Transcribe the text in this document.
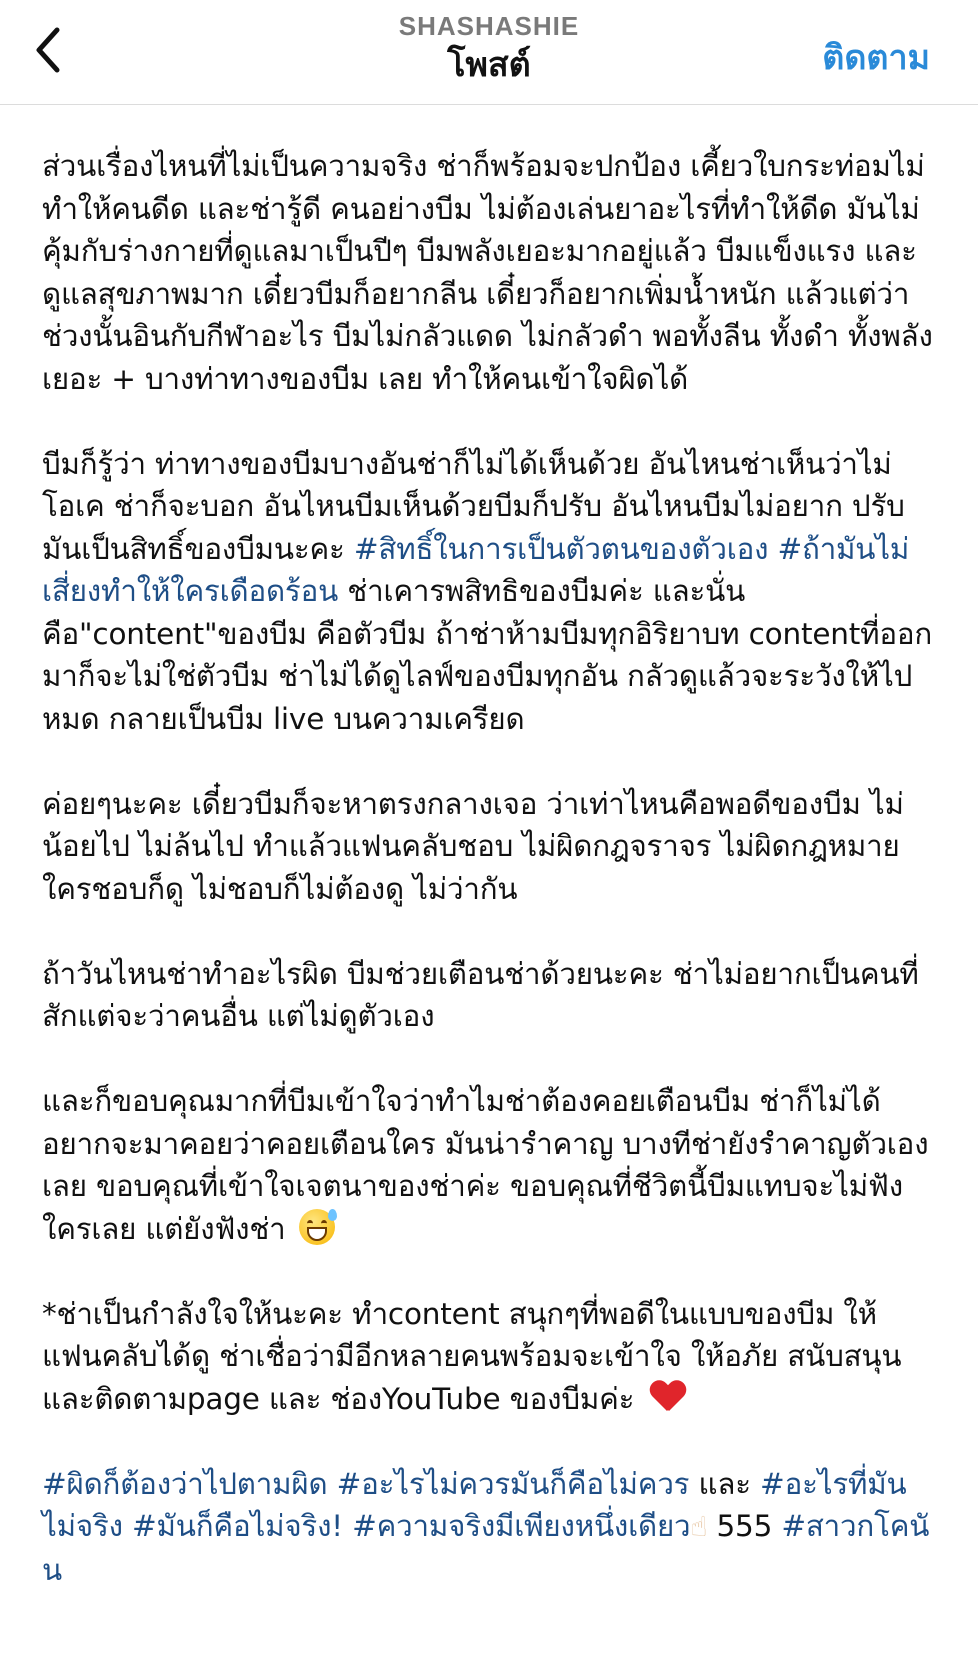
SHASHASHIE
โพสต์	ติดตาม

ส่วนเรื่องไหนที่ไม่เป็นความจริง ช่าก็พร้อมจะปกป้อง เคี้ยวใบกระท่อมไม่ทำให้คนดีด และช่ารู้ดี คนอย่างบีม ไม่ต้องเล่นยาอะไรที่ทำให้ดีด มันไม่คุ้มกับร่างกายที่ดูแลมาเป็นปีๆ บีมพลังเยอะมากอยู่แล้ว บีมแข็งแรง และดูแลสุขภาพมาก เดี๋ยวบีมก็อยากลีน เดี๋ยวก็อยากเพิ่มน้ำหนัก แล้วแต่ว่าช่วงนั้นอินกับกีฬาอะไร บีมไม่กลัวแดด ไม่กลัวดำ พอทั้งลีน ทั้งดำ ทั้งพลังเยอะ + บางท่าทางของบีม เลย ทำให้คนเข้าใจผิดได้

บีมก็รู้ว่า ท่าทางของบีมบางอันช่าก็ไม่ได้เห็นด้วย อันไหนช่าเห็นว่าไม่โอเค ช่าก็จะบอก อันไหนบีมเห็นด้วยบีมก็ปรับ อันไหนบีมไม่อยาก ปรับ มันเป็นสิทธิ์ของบีมนะคะ #สิทธิ์ในการเป็นตัวตนของตัวเอง #ถ้ามันไม่เสี่ยงทำให้ใครเดือดร้อน ช่าเคารพสิทธิของบีมค่ะ และนั่นคือ"content"ของบีม คือตัวบีม ถ้าช่าห้ามบีมทุกอิริยาบท contentที่ออกมาก็จะไม่ใช่ตัวบีม ช่าไม่ได้ดูไลฟ์ของบีมทุกอัน กลัวดูแล้วจะระวังให้ไปหมด กลายเป็นบีม live บนความเครียด

ค่อยๆนะคะ เดี๋ยวบีมก็จะหาตรงกลางเจอ ว่าเท่าไหนคือพอดีของบีม ไม่น้อยไป ไม่ล้นไป ทำแล้วแฟนคลับชอบ ไม่ผิดกฎจราจร ไม่ผิดกฎหมาย ใครชอบก็ดู ไม่ชอบก็ไม่ต้องดู ไม่ว่ากัน

ถ้าวันไหนช่าทำอะไรผิด บีมช่วยเตือนช่าด้วยนะคะ ช่าไม่อยากเป็นคนที่ สักแต่จะว่าคนอื่น แต่ไม่ดูตัวเอง

และก็ขอบคุณมากที่บีมเข้าใจว่าทำไมช่าต้องคอยเตือนบีม ช่าก็ไม่ได้อยากจะมาคอยว่าคอยเตือนใคร มันน่ารำคาญ บางทีช่ายังรำคาญตัวเองเลย ขอบคุณที่เข้าใจเจตนาของช่าค่ะ ขอบคุณที่ชีวิตนี้บีมแทบจะไม่ฟังใครเลย แต่ยังฟังช่า

*ช่าเป็นกำลังใจให้นะคะ ทำcontent สนุกๆที่พอดีในแบบของบีม ให้แฟนคลับได้ดู ช่าเชื่อว่ามีอีกหลายคนพร้อมจะเข้าใจ ให้อภัย สนับสนุนและติดตามpage และ ช่องYouTube ของบีมค่ะ

#ผิดก็ต้องว่าไปตามผิด #อะไรไม่ควรมันก็คือไม่ควร และ #อะไรที่มันไม่จริง #มันก็คือไม่จริง! #ความจริงมีเพียงหนึ่งเดียว☝ 555 #สาวกโคนัน
